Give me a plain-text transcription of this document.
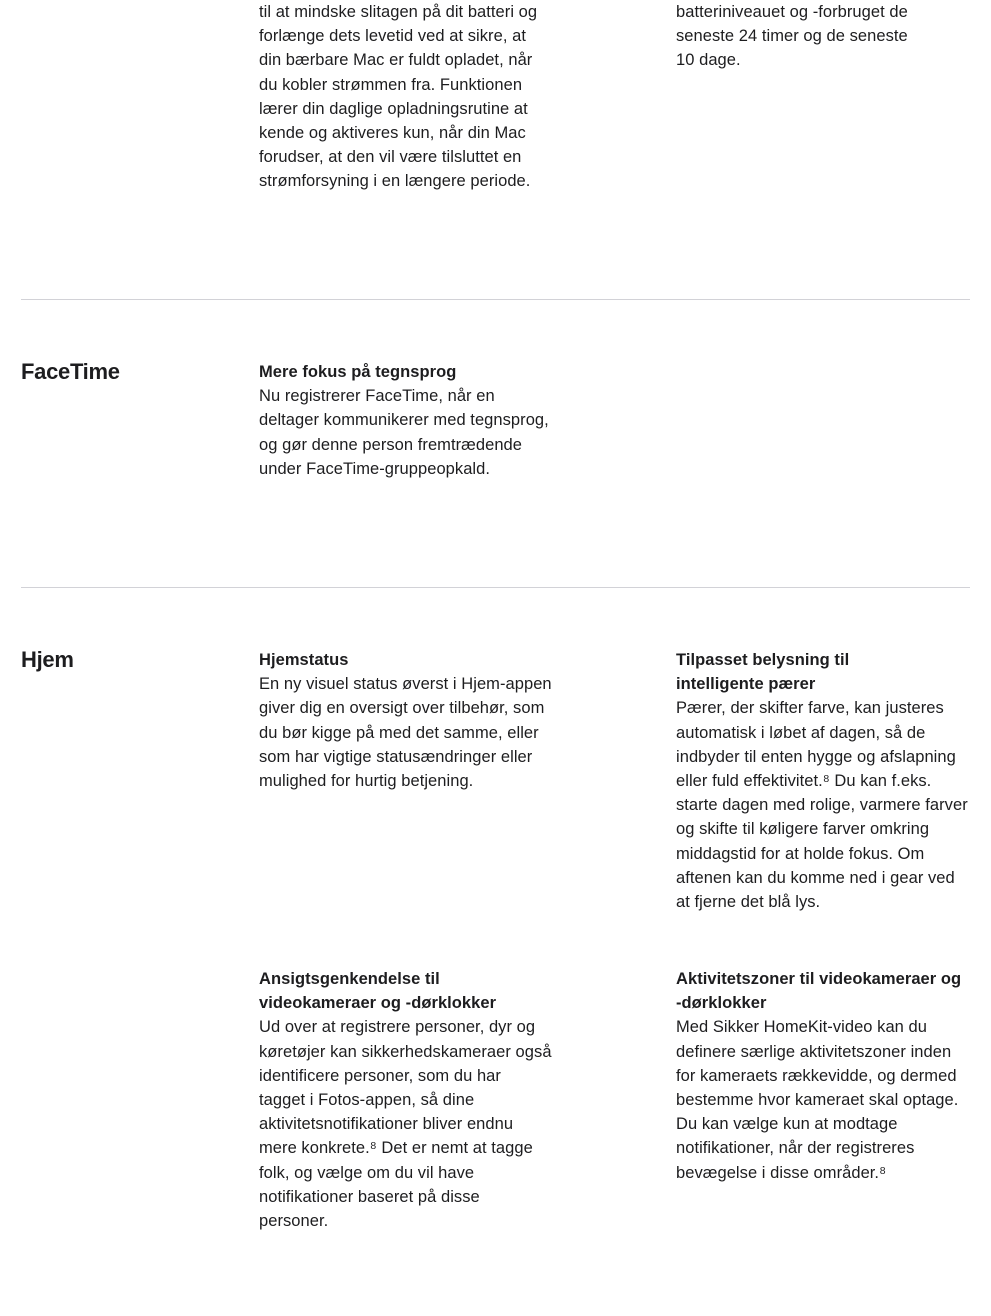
til at mindske slitagen på dit batteri og
forlænge dets levetid ved at sikre, at
din bærbare Mac er fuldt opladet, når
du kobler strømmen fra. Funktionen
lærer din daglige opladningsrutine at
kende og aktiveres kun, når din Mac
forudser, at den vil være tilsluttet en
strømforsyning i en længere periode.

batteriniveauet og -forbruget de
seneste 24 timer og de seneste
10 dage.

FaceTime	Mere fokus på tegnsprog

Nu registrerer FaceTime, når en
deltager kommunikerer med tegnsprog,
og gør denne person fremtrædende
under FaceTime-gruppeopkald.

Hjem	Hjemstatus

En ny visuel status øverst i Hjem-appen
giver dig en oversigt over tilbehør, som
du bør kigge på med det samme, eller
som har vigtige statusændringer eller
mulighed for hurtig betjening.

Tilpasset belysning til
intelligente pærer

Pærer, der skifter farve, kan justeres
automatisk i løbet af dagen, så de
indbyder til enten hygge og afslapning
eller fuld effektivitet.⁸ Du kan f.eks.
starte dagen med rolige, varmere farver
og skifte til køligere farver omkring
middagstid for at holde fokus. Om
aftenen kan du komme ned i gear ved
at fjerne det blå lys.

Ansigtsgenkendelse til
videokameraer og -dørklokker

Ud over at registrere personer, dyr og
køretøjer kan sikkerhedskameraer også
identificere personer, som du har
tagget i Fotos-appen, så dine
aktivitetsnotifikationer bliver endnu
mere konkrete.⁸ Det er nemt at tagge
folk, og vælge om du vil have
notifikationer baseret på disse
personer.

Aktivitetszoner til videokameraer og
-dørklokker

Med Sikker HomeKit-video kan du
definere særlige aktivitetszoner inden
for kameraets rækkevidde, og dermed
bestemme hvor kameraet skal optage.
Du kan vælge kun at modtage
notifikationer, når der registreres
bevægelse i disse områder.⁸
